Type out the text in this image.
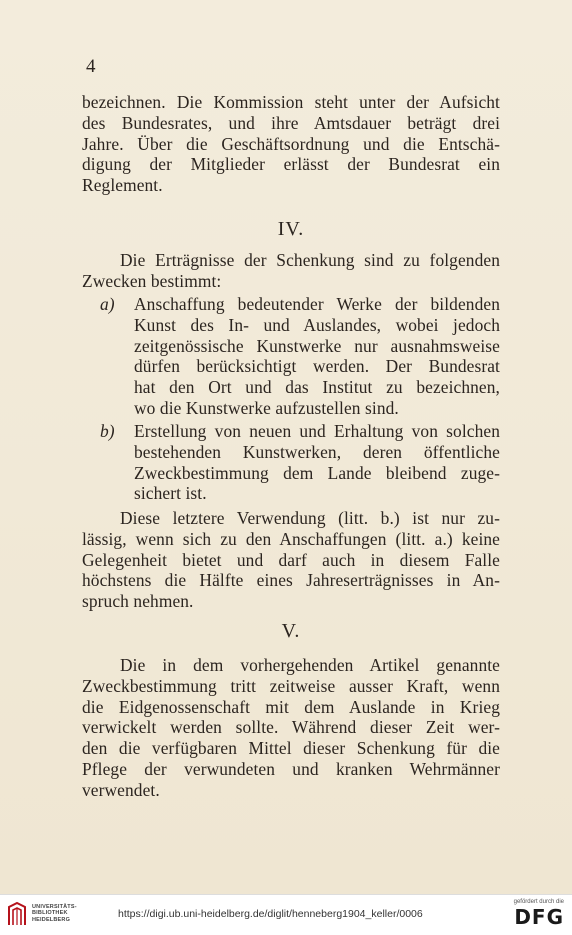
4

bezeichnen. Die Kommission steht unter der Aufsicht
des Bundesrates, und ihre Amtsdauer beträgt drei
Jahre. Über die Geschäftsordnung und die Entschä-
digung der Mitglieder erlässt der Bundesrat ein
Reglement.

IV.

Die Erträgnisse der Schenkung sind zu folgenden
Zwecken bestimmt:

a) Anschaffung bedeutender Werke der bildenden
Kunst des In- und Auslandes, wobei jedoch
zeitgenössische Kunstwerke nur ausnahmsweise
dürfen berücksichtigt werden. Der Bundesrat
hat den Ort und das Institut zu bezeichnen,
wo die Kunstwerke aufzustellen sind.

b) Erstellung von neuen und Erhaltung von solchen
bestehenden Kunstwerken, deren öffentliche
Zweckbestimmung dem Lande bleibend zuge-
sichert ist.

Diese letztere Verwendung (litt. b.) ist nur zu-
lässig, wenn sich zu den Anschaffungen (litt. a.) keine
Gelegenheit bietet und darf auch in diesem Falle
höchstens die Hälfte eines Jahreserträgnisses in An-
spruch nehmen.

V.

Die in dem vorhergehenden Artikel genannte
Zweckbestimmung tritt zeitweise ausser Kraft, wenn
die Eidgenossenschaft mit dem Auslande in Krieg
verwickelt werden sollte. Während dieser Zeit wer-
den die verfügbaren Mittel dieser Schenkung für die
Pflege der verwundeten und kranken Wehrmänner
verwendet.

UNIVERSITÄTS-
BIBLIOTHEK
HEIDELBERG	https://digi.ub.uni-heidelberg.de/diglit/henneberg1904_keller/0006
gefördert durch die
DFG
